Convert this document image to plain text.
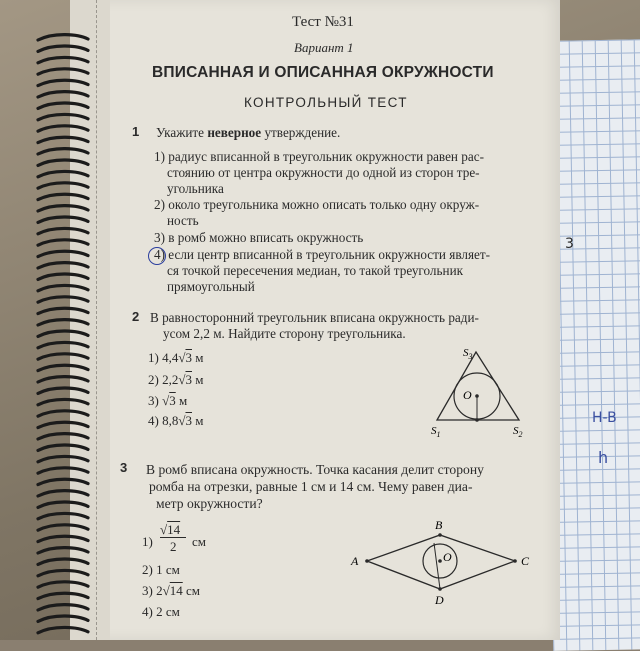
H-B
h
3
Тест №31
Вариант 1
ВПИСАННАЯ И ОПИСАННАЯ ОКРУЖНОСТИ
КОНТРОЛЬНЫЙ ТЕСТ
1 Укажите неверное утверждение.
1) радиус вписанной в треугольник окружности равен рас-
стоянию от центра окружности до одной из сторон тре-
угольника
2) около треугольника можно описать только одну окруж-
ность
3) в ромб можно вписать окружность
4) если центр вписанной в треугольник окружности являет-
ся точкой пересечения медиан, то такой треугольник
прямоугольный
2 В равносторонний треугольник вписана окружность ради-
усом 2,2 м. Найдите сторону треугольника.
1) 4,4√3 м
2) 2,2√3 м
3) √3 м
4) 8,8√3 м
O
$S_3$
$S_1$	$S_2$
3 В ромб вписана окружность. Точка касания делит сторону
ромба на отрезки, равные 1 см и 14 см. Чему равен диа-
метр окружности?
1)
√14
2 см
2) 1 см
3) 2√14 см
4) 2 см
O
A	C
B
D
